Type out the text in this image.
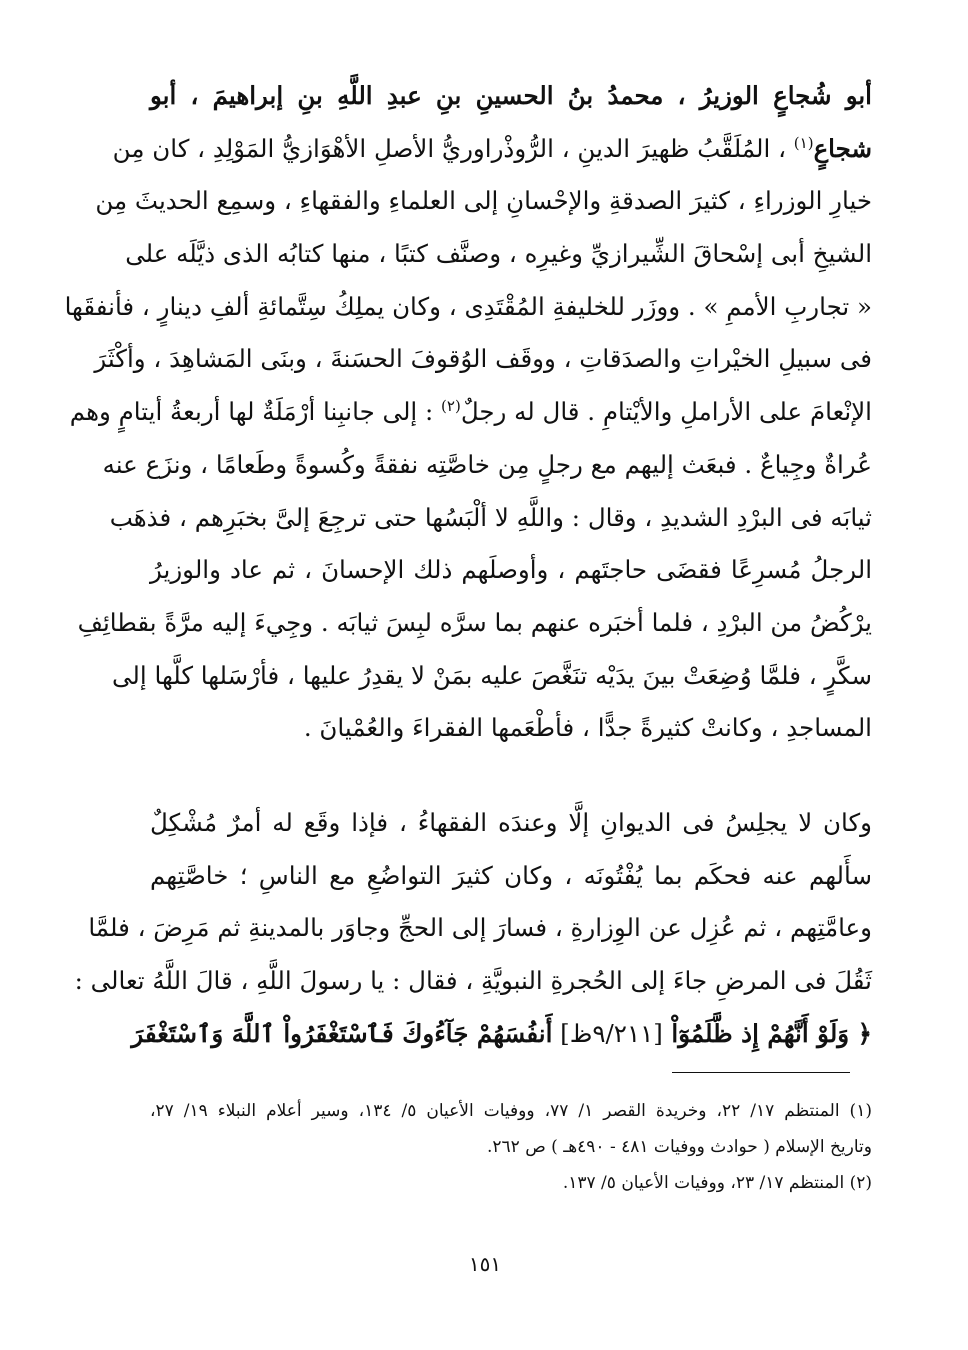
أبو شُجاعٍ الوزيرُ ، محمدُ بنُ الحسينِ بنِ عبدِ اللَّهِ بنِ إبراهيمَ ، أبو
شجاعٍ$^{(١)}$ ، المُلَقَّبُ ظهيرَ الدينِ ، الرُّوذْراوريُّ الأصلِ الأهْوَازيُّ المَوْلِدِ ، كان مِن
خيارِ الوزراءِ ، كثيرَ الصدقةِ والإحْسانِ إلى العلماءِ والفقهاءِ ، وسمِع الحديثَ مِن
الشيخِ أبى إسْحاقَ الشِّيرازيِّ وغيرِه ، وصنَّف كتبًا ، منها كتابُه الذى ذيَّلَه على
« تجاربِ الأممِ » . ووزَر للخليفةِ المُقْتَدِى ، وكان يملِكُ سِتَّمائةِ ألفِ دينارٍ ، فأنفقَها
فى سبيلِ الخيْراتِ والصدَقاتِ ، ووقَف الوُقوفَ الحسَنةَ ، وبنَى المَشاهِدَ ، وأكْثَرَ
الإنْعامَ على الأراملِ والأيْتامِ . قال له رجلٌ$^{(٢)}$ : إلى جانبِنا أرْمَلَةٌ لها أربعةُ أيتامٍ وهم
عُراةٌ وجِياعٌ . فبعَث إليهم مع رجلٍ مِن خاصَّتِه نفقةً وكُسوةً وطَعامًا ، ونزَع عنه
ثيابَه فى البرْدِ الشديدِ ، وقال : واللَّهِ لا ألْبَسُها حتى ترجِعَ إلىَّ بخبَرِهم ، فذهَب
الرجلُ مُسرِعًا فقضَى حاجتَهم ، وأوصلَهم ذلك الإحسانَ ، ثم عاد والوزيرُ
يرْكُضُ من البرْدِ ، فلما أخبَره عنهم بما سرَّه لبِسَ ثيابَه . وجِيءَ إليه مرَّةً بقطائِفِ
سكَّرٍ ، فلمَّا وُضِعَتْ بينَ يدَيْه تنَغَّصَ عليه بمَنْ لا يقدِرُ عليها ، فأرْسَلها كلَّها إلى
المساجدِ ، وكانتْ كثيرةً جدًّا ، فأطْعَمها الفقراءَ والعُمْيانَ .
وكان لا يجلِسُ فى الديوانِ إلَّا وعندَه الفقهاءُ ، فإذا وقَع له أمرٌ مُشْكِلٌ
سأَلهم عنه فحكَم بما يُفْتُونَه ، وكان كثيرَ التواضُعِ مع الناسِ ؛ خاصَّتِهم
وعامَّتِهم ، ثم عُزِل عن الوِزارةِ ، فسارَ إلى الحجِّ وجاوَر بالمدينةِ ثم مَرِضَ ، فلمَّا
ثَقُلَ فى المرضِ جاءَ إلى الحُجرةِ النبويَّةِ ، فقال : يا رسولَ اللَّهِ ، قالَ اللَّهُ تعالى :
﴿ وَلَوْ أَنَّهُمْ إِذ ظَّلَمُوٓاْ [٩/٢١١ظ] أَنفُسَهُمْ جَآءُوكَ فَٱسْتَغْفَرُواْ ٱللَّهَ وَٱسْتَغْفَرَ
(١) المنتظم ١٧/ ٢٢، وخريدة القصر ١/ ٧٧، ووفيات الأعيان ٥/ ١٣٤، وسير أعلام النبلاء ١٩/ ٢٧،
وتاريخ الإسلام ( حوادث ووفيات ٤٨١ - ٤٩٠هـ ) ص ٢٦٢.
(٢) المنتظم ١٧/ ٢٣، ووفيات الأعيان ٥/ ١٣٧.
١٥١
